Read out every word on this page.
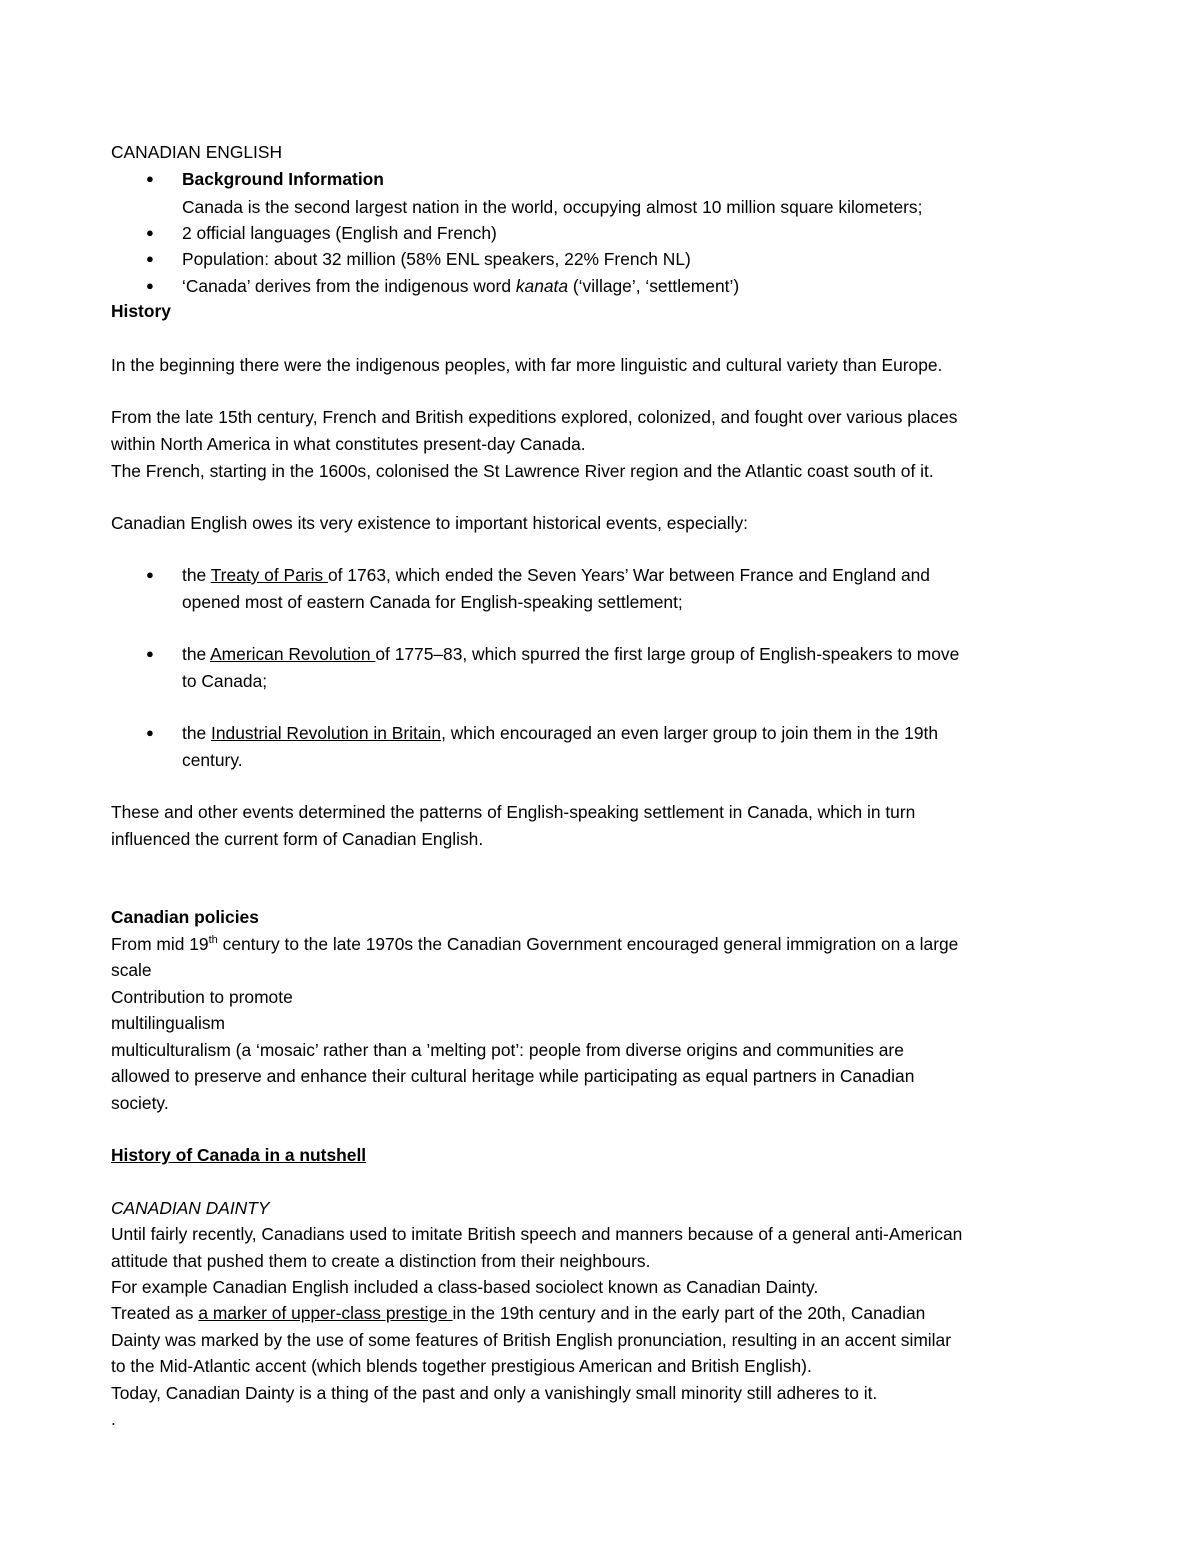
CANADIAN ENGLISH
● Background Information
Canada is the second largest nation in the world, occupying almost 10 million square kilometers;
● 2 official languages (English and French)
● Population: about 32 million (58% ENL speakers, 22% French NL)
● ‘Canada’ derives from the indigenous word kanata (‘village’, ‘settlement’)
History
In the beginning there were the indigenous peoples, with far more linguistic and cultural variety than Europe.
From the late 15th century, French and British expeditions explored, colonized, and fought over various places
within North America in what constitutes present-day Canada.
The French, starting in the 1600s, colonised the St Lawrence River region and the Atlantic coast south of it.
Canadian English owes its very existence to important historical events, especially:
● the Treaty of Paris of 1763, which ended the Seven Years’ War between France and England and
opened most of eastern Canada for English-speaking settlement;
● the American Revolution of 1775–83, which spurred the first large group of English-speakers to move
to Canada;
● the Industrial Revolution in Britain, which encouraged an even larger group to join them in the 19th
century.
These and other events determined the patterns of English-speaking settlement in Canada, which in turn
influenced the current form of Canadian English.
Canadian policies
From mid 19th century to the late 1970s the Canadian Government encouraged general immigration on a large
scale
Contribution to promote
multilingualism
multiculturalism (a ‘mosaic’ rather than a ’melting pot’: people from diverse origins and communities are
allowed to preserve and enhance their cultural heritage while participating as equal partners in Canadian
society.
History of Canada in a nutshell
CANADIAN DAINTY
Until fairly recently, Canadians used to imitate British speech and manners because of a general anti-American
attitude that pushed them to create a distinction from their neighbours.
For example Canadian English included a class-based sociolect known as Canadian Dainty.
Treated as a marker of upper-class prestige in the 19th century and in the early part of the 20th, Canadian
Dainty was marked by the use of some features of British English pronunciation, resulting in an accent similar
to the Mid-Atlantic accent (which blends together prestigious American and British English).
Today, Canadian Dainty is a thing of the past and only a vanishingly small minority still adheres to it.
.
